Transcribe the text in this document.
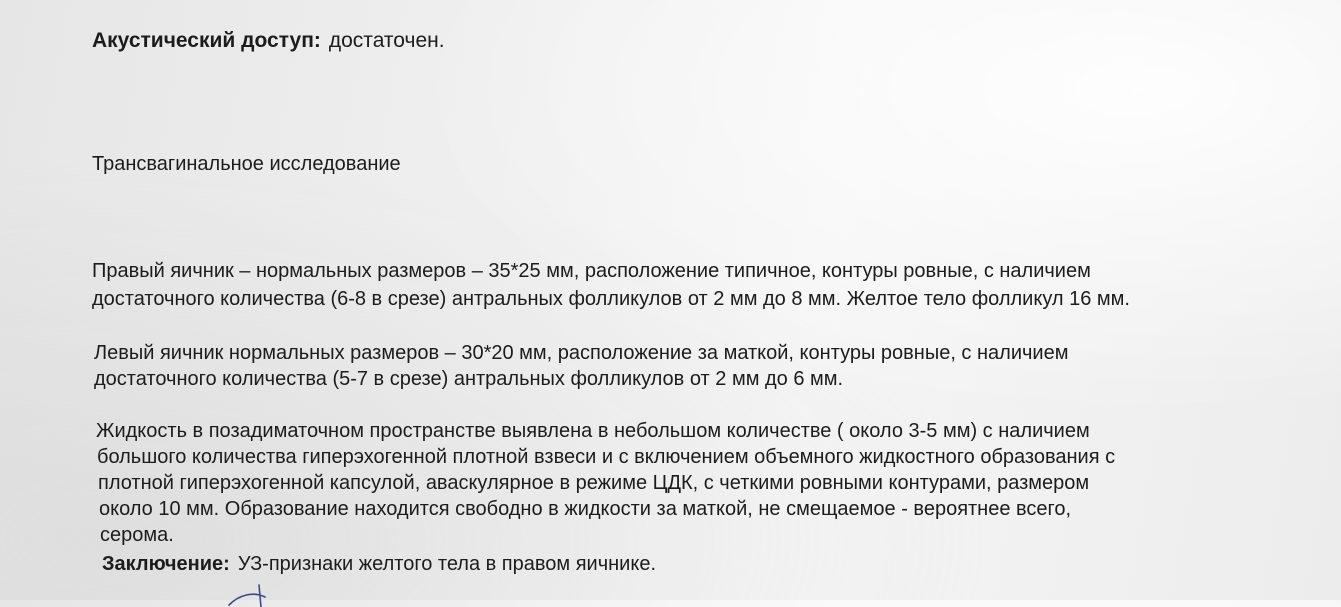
Акустический доступ: достаточен.
Трансвагинальное исследование
Правый яичник – нормальных размеров – 35*25 мм, расположение типичное, контуры ровные, с наличием
достаточного количества (6-8 в срезе) антральных фолликулов от 2 мм до 8 мм. Желтое тело фолликул 16 мм.
Левый яичник нормальных размеров – 30*20 мм, расположение за маткой, контуры ровные, с наличием
достаточного количества (5-7 в срезе) антральных фолликулов от 2 мм до 6 мм.
Жидкость в позадиматочном пространстве выявлена в небольшом количестве ( около 3-5 мм) с наличием
большого количества гиперэхогенной плотной взвеси и с включением объемного жидкостного образования с
плотной гиперэхогенной капсулой, аваскулярное в режиме ЦДК, с четкими ровными контурами, размером
около 10 мм. Образование находится свободно в жидкости за маткой, не смещаемое - вероятнее всего,
серома.
Заключение: УЗ-признаки желтого тела в правом яичнике.
